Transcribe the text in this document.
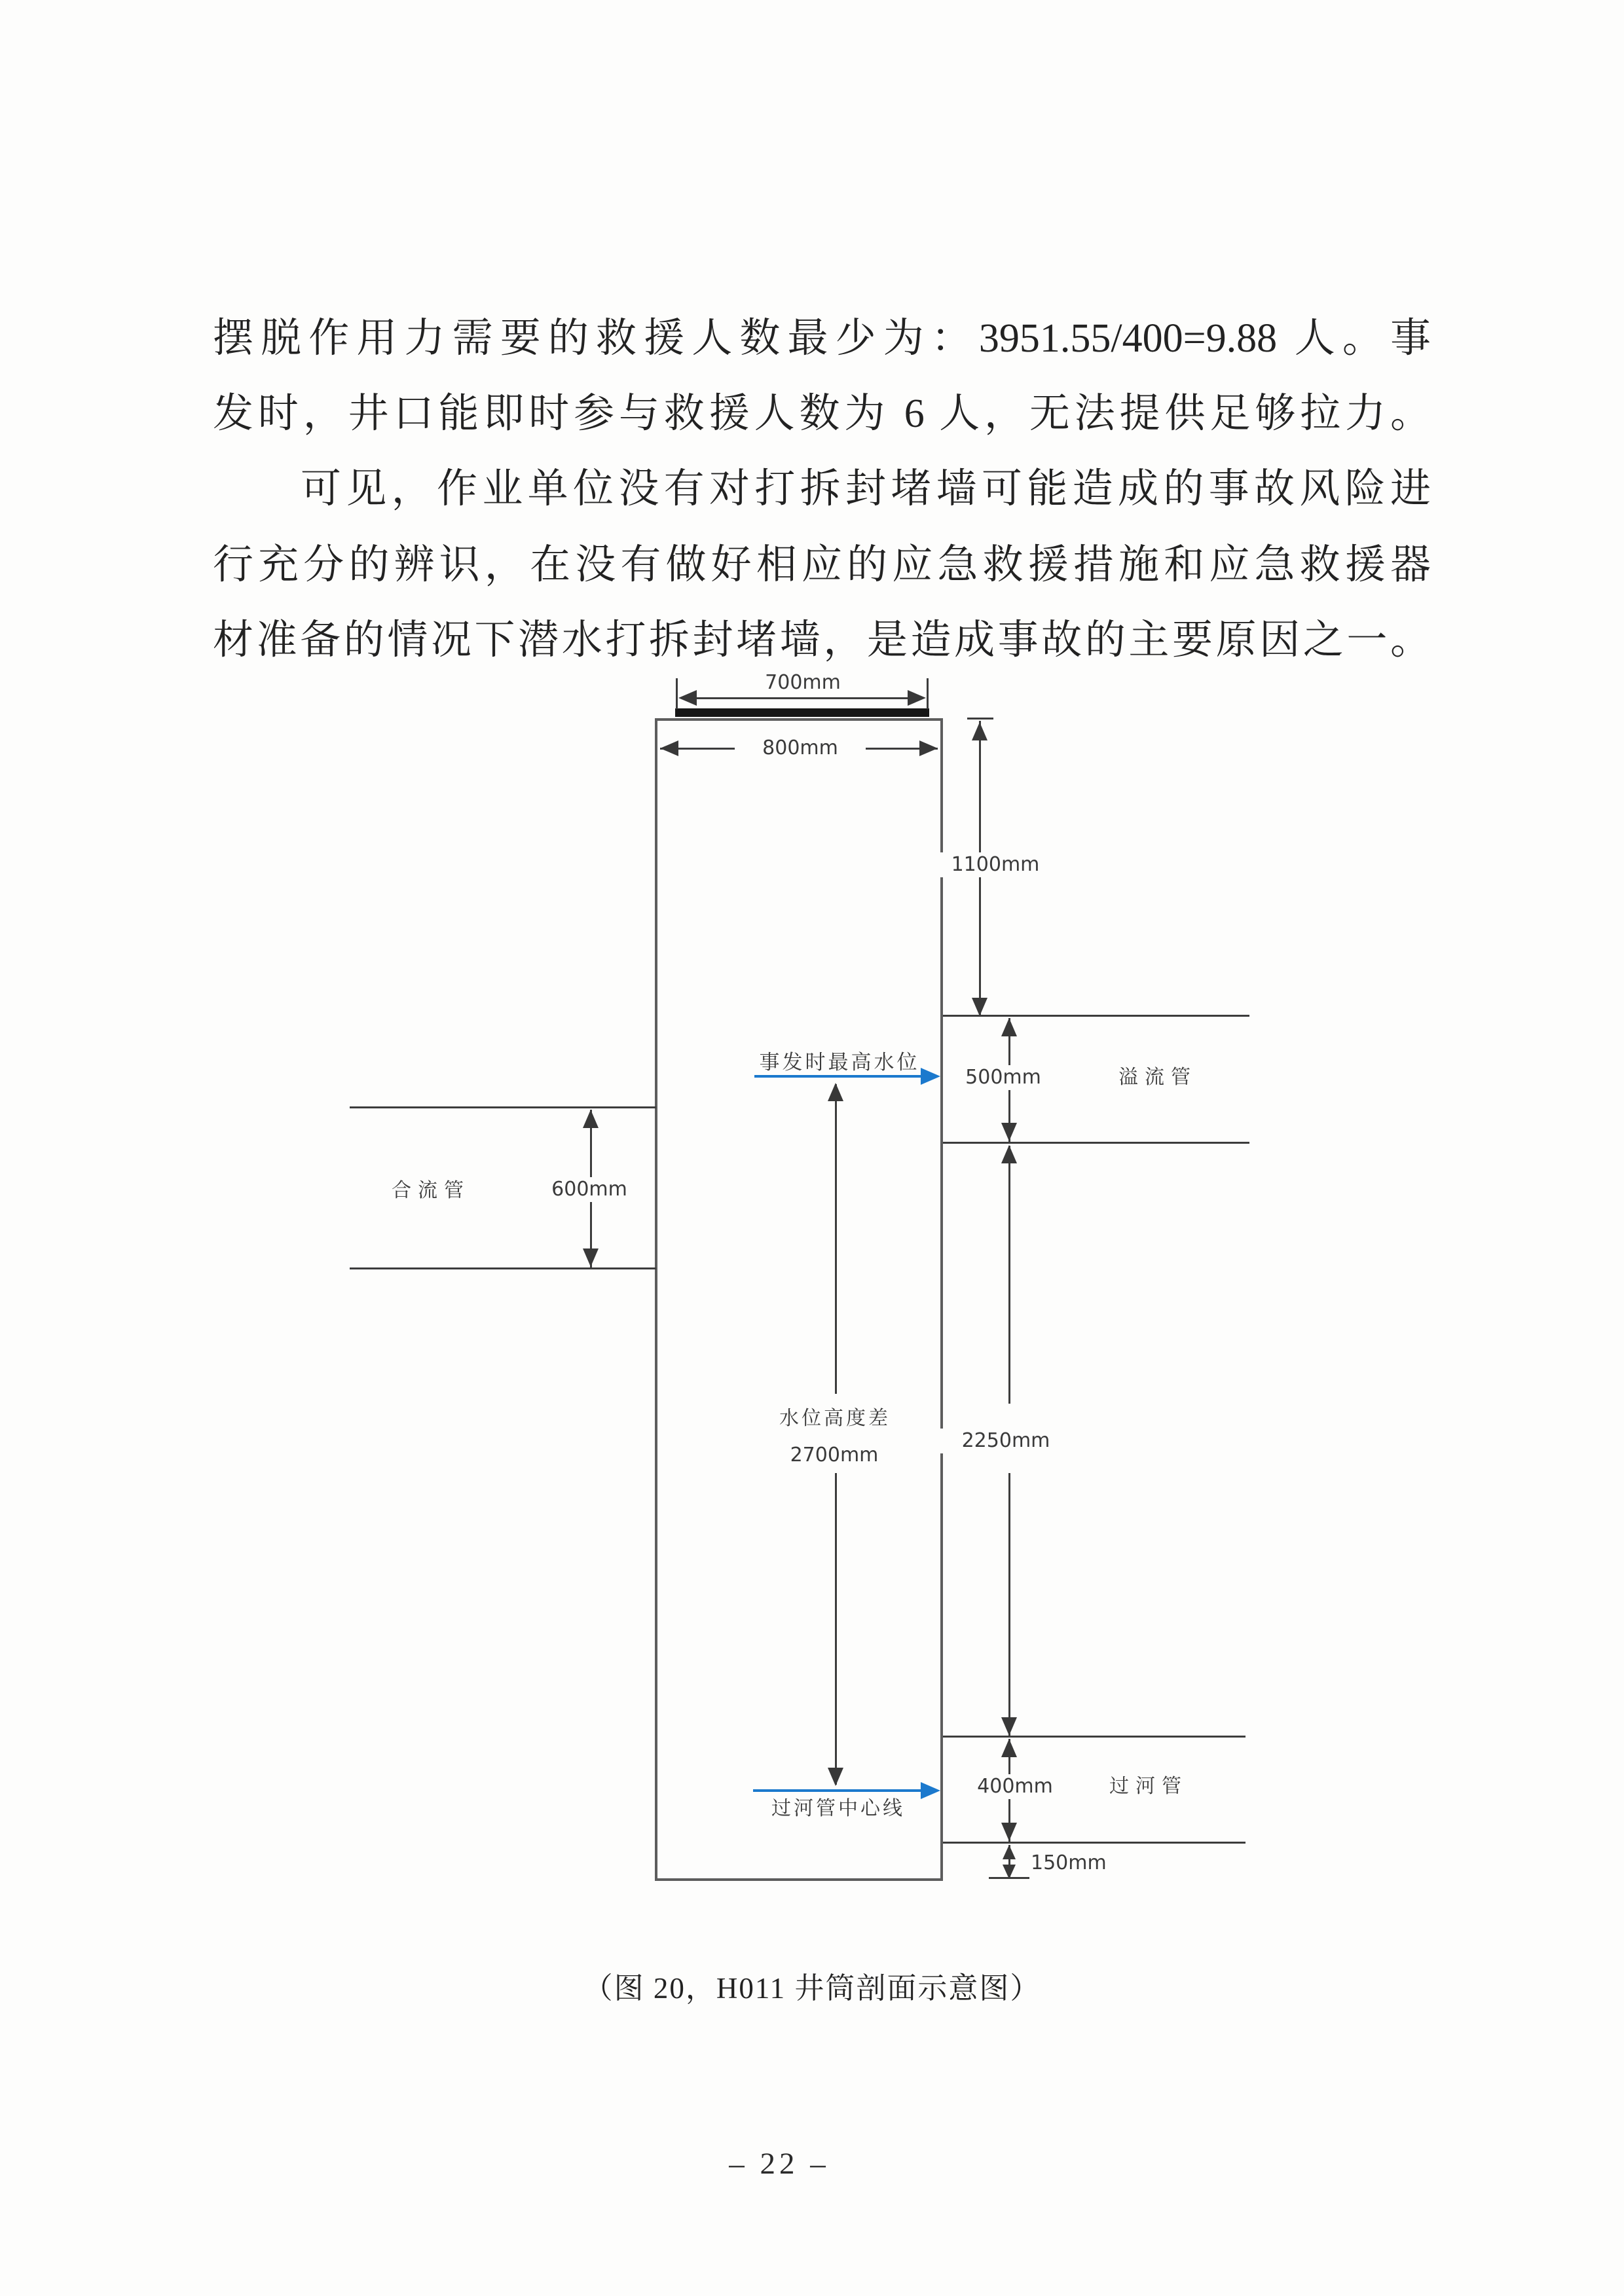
摆脱作用力需要的救援人数最少为：3951.55/400=9.88 人。事
发时，井口能即时参与救援人数为 6 人，无法提供足够拉力。
可见，作业单位没有对打拆封堵墙可能造成的事故风险进
行充分的辨识，在没有做好相应的应急救援措施和应急救援器
材准备的情况下潜水打拆封堵墙，是造成事故的主要原因之一。
700mm
800mm
1100mm
500mm	溢流管
事发时最高水位
水位高度差
2700mm
2250mm
600mm
合流管
400mm	过河管
过河管中心线
150mm
（图 20，H011 井筒剖面示意图）
– 22 –
